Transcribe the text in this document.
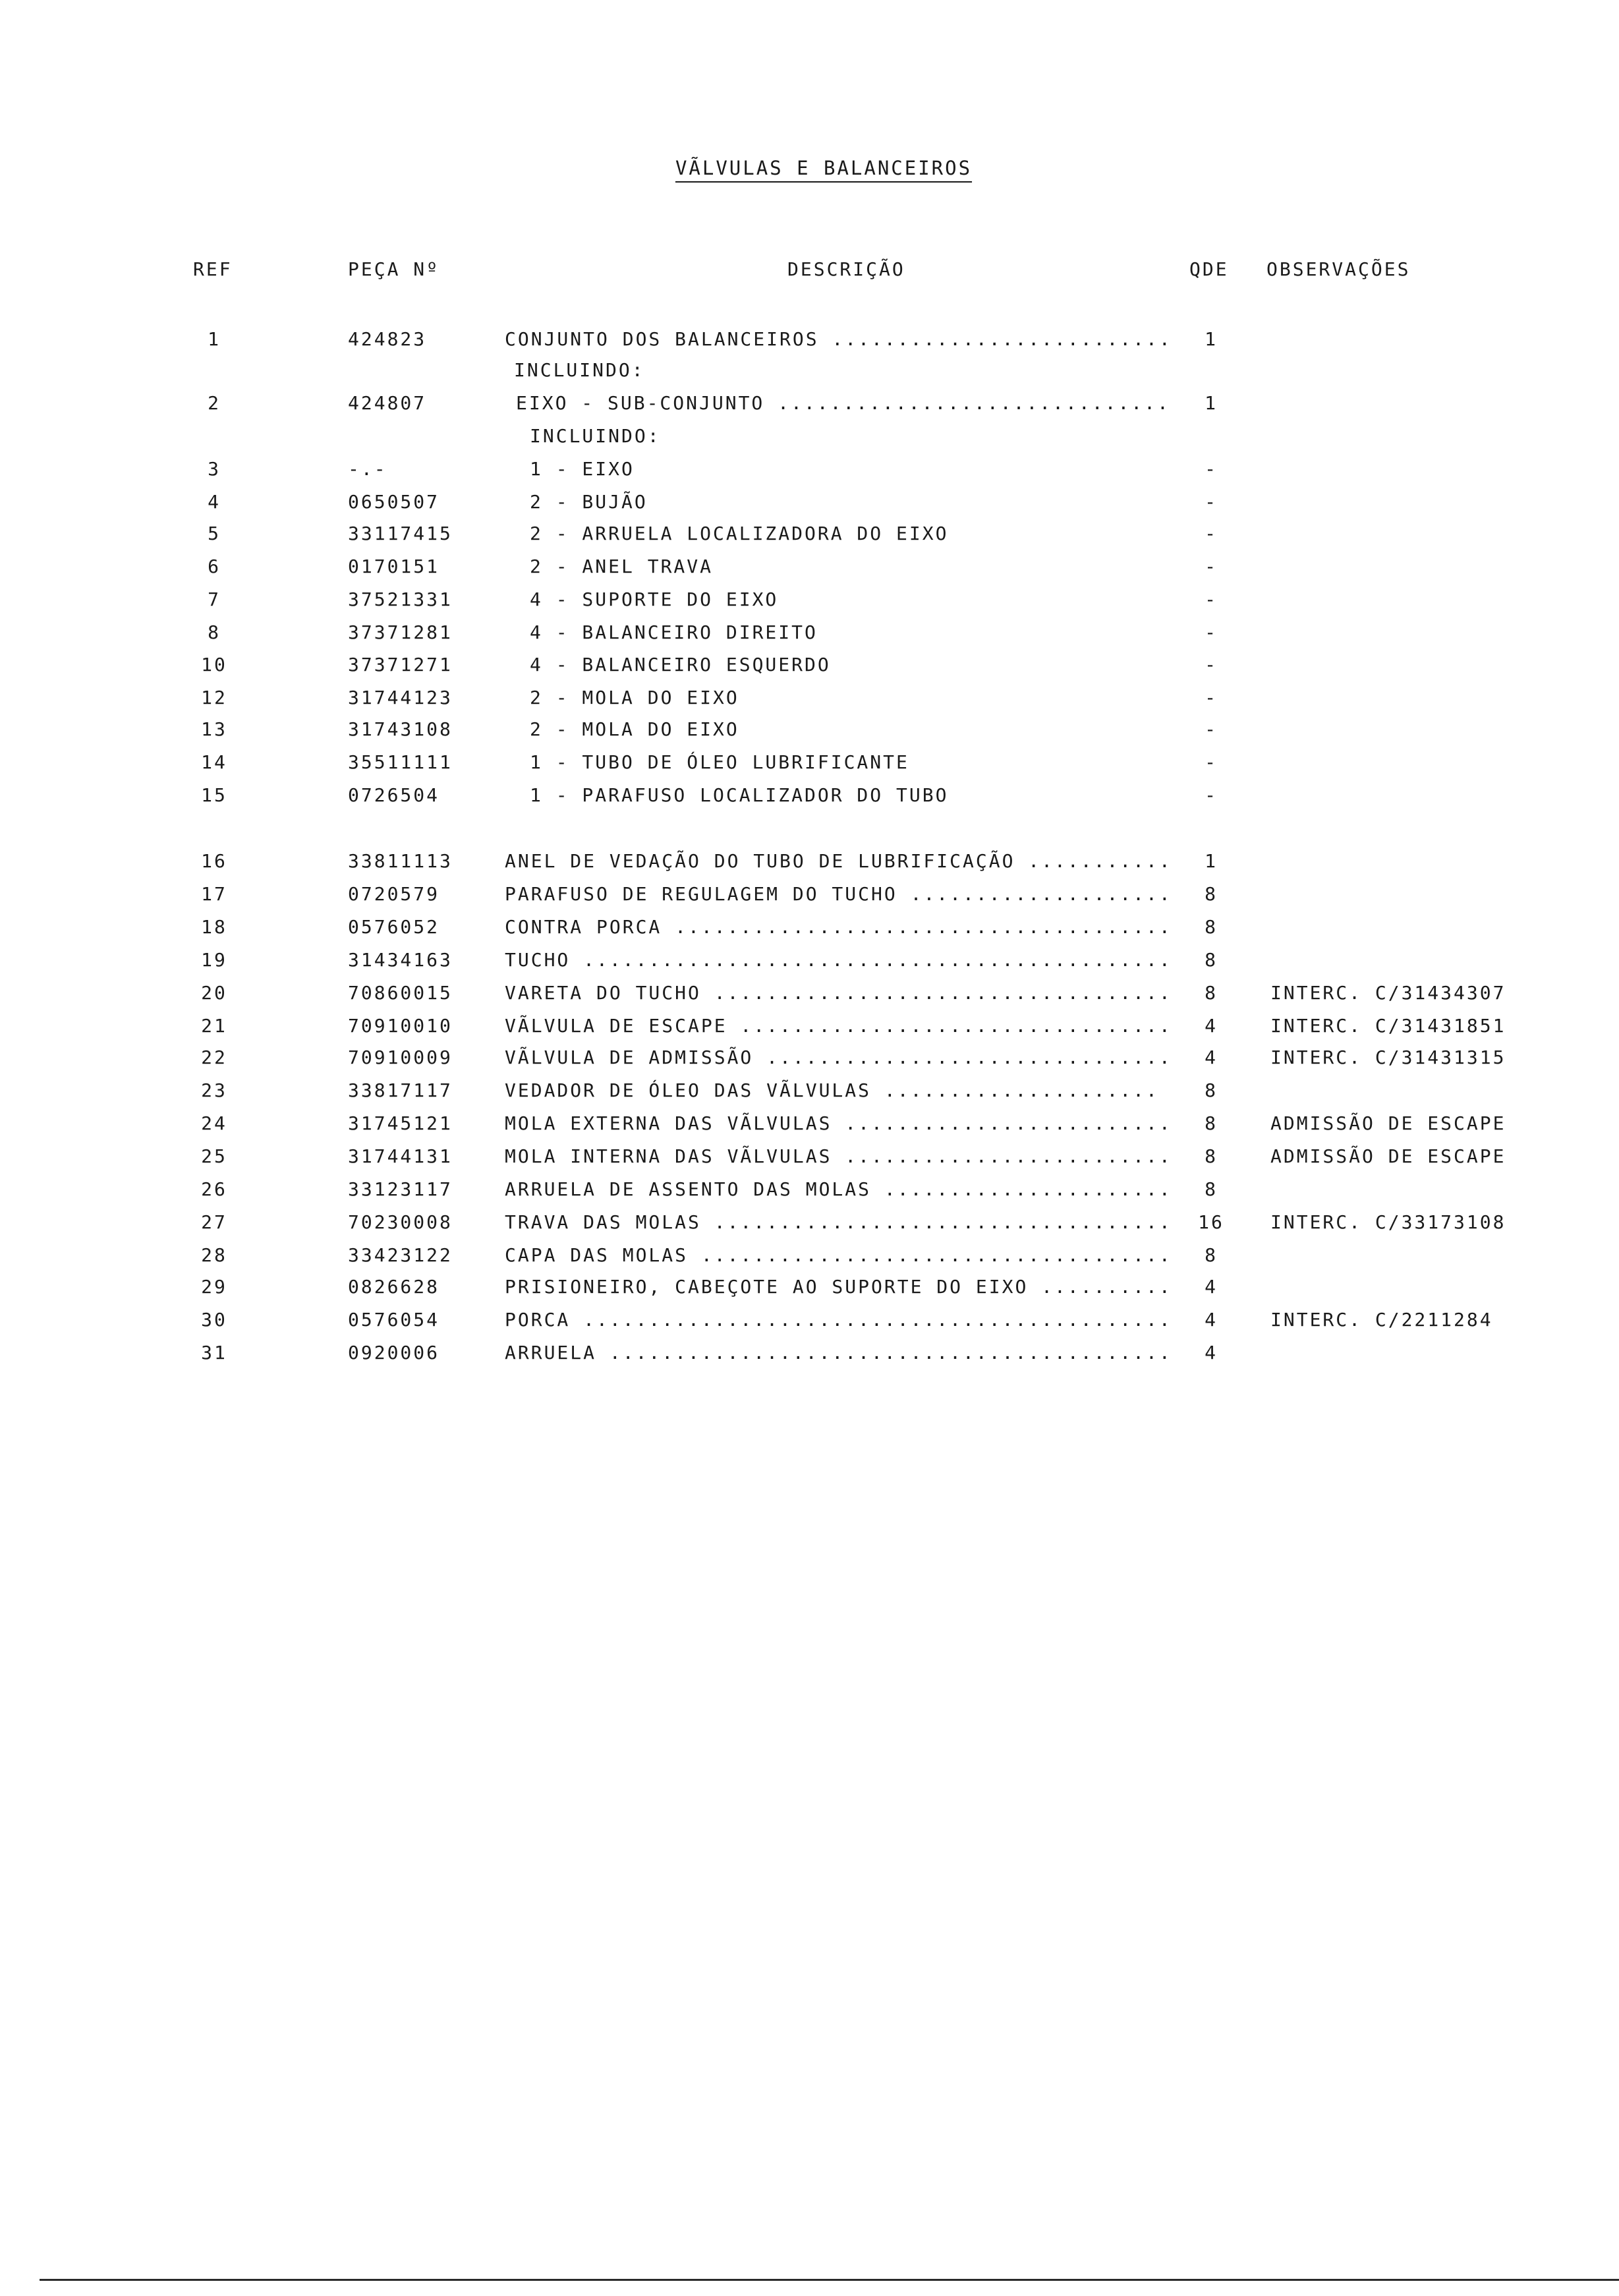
VÃLVULAS E BALANCEIROS
REF	PEÇA Nº	DESCRIÇÃO	QDE OBSERVAÇÕES
1	424823	CONJUNTO DOS BALANCEIROS ..........................	1
INCLUINDO:
2	424807	EIXO - SUB-CONJUNTO ..............................	1
INCLUINDO:
3	-.-	1 - EIXO	-
4	0650507	2 - BUJÃO	-
5	33117415	2 - ARRUELA LOCALIZADORA DO EIXO	-
6	0170151	2 - ANEL TRAVA	-
7	37521331	4 - SUPORTE DO EIXO	-
8	37371281	4 - BALANCEIRO DIREITO	-
10	37371271	4 - BALANCEIRO ESQUERDO	-
12	31744123	2 - MOLA DO EIXO	-
13	31743108	2 - MOLA DO EIXO	-
14	35511111	1 - TUBO DE ÓLEO LUBRIFICANTE	-
15	0726504	1 - PARAFUSO LOCALIZADOR DO TUBO	-
16	33811113	ANEL DE VEDAÇÃO DO TUBO DE LUBRIFICAÇÃO ...........	1
17	0720579	PARAFUSO DE REGULAGEM DO TUCHO ....................	8
18	0576052	CONTRA PORCA ......................................	8
19	31434163	TUCHO .............................................	8
20	70860015	VARETA DO TUCHO ...................................	8	INTERC. C/31434307
21	70910010	VÃLVULA DE ESCAPE .................................	4	INTERC. C/31431851
22	70910009	VÃLVULA DE ADMISSÃO ...............................	4	INTERC. C/31431315
23	33817117	VEDADOR DE ÓLEO DAS VÃLVULAS .....................	8
24	31745121	MOLA EXTERNA DAS VÃLVULAS .........................	8	ADMISSÃO DE ESCAPE
25	31744131	MOLA INTERNA DAS VÃLVULAS .........................	8	ADMISSÃO DE ESCAPE
26	33123117	ARRUELA DE ASSENTO DAS MOLAS ......................	8
27	70230008	TRAVA DAS MOLAS ...................................	16	INTERC. C/33173108
28	33423122	CAPA DAS MOLAS ....................................	8
29	0826628	PRISIONEIRO, CABEÇOTE AO SUPORTE DO EIXO ..........	4
30	0576054	PORCA .............................................	4	INTERC. C/2211284
31	0920006	ARRUELA ...........................................	4
